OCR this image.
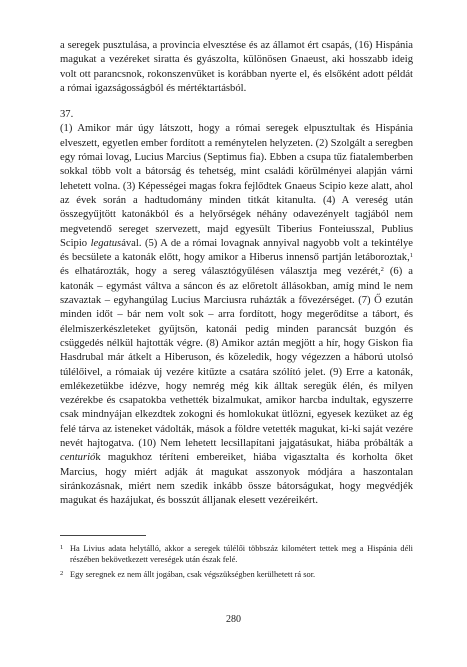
a seregek pusztulása, a provincia elvesztése és az államot ért csapás, (16) Hispánia magukat a vezéreket siratta és gyászolta, különösen Gnaeust, aki hosszabb ideig volt ott parancsnok, rokonszenvüket is korábban nyerte el, és elsőként adott példát a római igazságosságból és mértéktartásból.

37.

(1) Amikor már úgy látszott, hogy a római seregek elpusztultak és Hispánia elveszett, egyetlen ember fordított a reménytelen helyzeten. (2) Szolgált a seregben egy római lovag, Lucius Marcius (Septimus fia). Ebben a csupa tűz fiatalemberben sokkal több volt a bátorság és tehetség, mint családi körülményei alapján várni lehetett volna. (3) Képességei magas fokra fejlődtek Gnaeus Scipio keze alatt, ahol az évek során a hadtudomány minden titkát kitanulta. (4) A vereség után összegyűjtött katonákból és a helyőrségek néhány odavezényelt tagjából nem megvetendő sereget szervezett, majd egyesült Tiberius Fonteiusszal, Publius Scipio legatusával. (5) A de a római lovagnak annyival nagyobb volt a tekintélye és becsülete a katonák előtt, hogy amikor a Hiberus innenső partján letáboroztak,$^1$ és elhatározták, hogy a sereg választógyűlésen választja meg vezérét,$^2$ (6) a katonák – egymást váltva a sáncon és az előretolt állásokban, amíg mind le nem szavaztak – egyhangúlag Lucius Marciusra ruházták a fővezérséget. (7) Ő ezután minden időt – bár nem volt sok – arra fordított, hogy megerődítse a tábort, és élelmiszerkészleteket gyűjtsön, katonái pedig minden parancsát buzgón és csüggedés nélkül hajtották végre. (8) Amikor aztán megjött a hír, hogy Giskon fia Hasdrubal már átkelt a Hiberuson, és közeledik, hogy végezzen a háború utolsó túlélőivel, a rómaiak új vezére kitűzte a csatára szólító jelet. (9) Erre a katonák, emlékezetükbe idézve, hogy nemrég még kik álltak seregük élén, és milyen vezérekbe és csapatokba vethették bizalmukat, amikor harcba indultak, egyszerre csak mindnyájan elkezdtek zokogni és homlokukat ütlözni, egyesek kezüket az ég felé tárva az isteneket vádolták, mások a földre vetették magukat, ki-ki saját vezére nevét hajtogatva. (10) Nem lehetett lecsillapítani jajgatásukat, hiába próbálták a centuriók magukhoz téríteni embereiket, hiába vigasztalta és korholta őket Marcius, hogy miért adják át magukat asszonyok módjára a haszontalan siránkozásnak, miért nem szedik inkább össze bátorságukat, hogy megvédjék magukat és hazájukat, és bosszút álljanak elesett vezéreikért.

1 Ha Livius adata helytálló, akkor a seregek túlélői többszáz kilométert tettek meg a Hispánia déli részében bekövetkezett vereségek után észak felé.

2 Egy seregnek ez nem állt jogában, csak végszükségben kerülhetett rá sor.

280
